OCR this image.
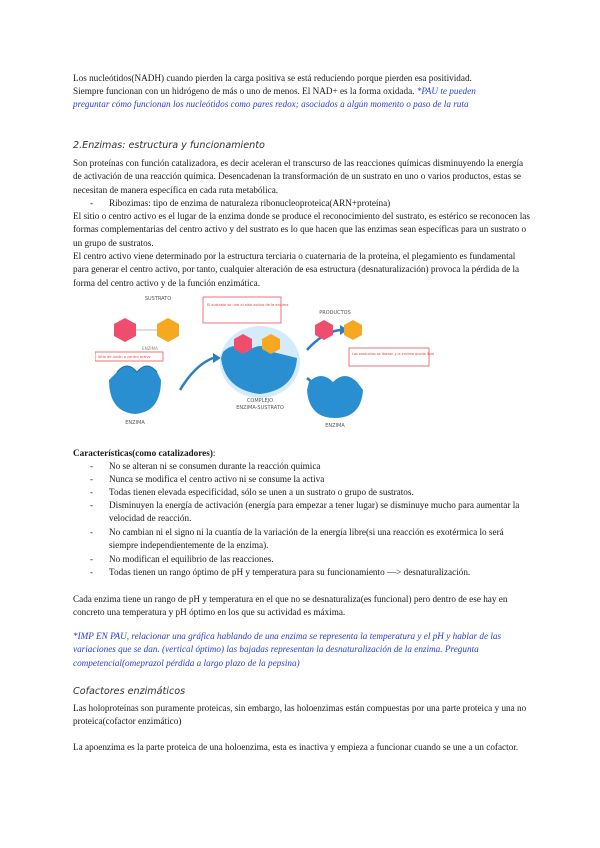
Los nucleótidos(NADH) cuando pierden la carga positiva se está reduciendo porque pierden esa positividad.

Siempre funcionan con un hidrógeno de más o uno de menos. El NAD+ es la forma oxidada. *PAU te pueden

preguntar cómo funcionan los nucleótidos como pares redox; asociados a algún momento o paso de la ruta

2.Enzimas: estructura y funcionamiento

Son proteínas con función catalizadora, es decir aceleran el transcurso de las reacciones químicas disminuyendo la energía de activación de una reacción química. Desencadenan la transformación de un sustrato en uno o varios productos, estas se necesitan de manera específica en cada ruta metabólica.

- Ribozimas: tipo de enzima de naturaleza ribonucleoproteica(ARN+proteína)

El sitio o centro activo es el lugar de la enzima donde se produce el reconocimiento del sustrato, es estérico se reconocen las formas complementarias del centro activo y del sustrato es lo que hacen que las enzimas sean específicas para un sustrato o un grupo de sustratos.

El centro activo viene determinado por la estructura terciaria o cuaternaria de la proteína, el plegamiento es fundamental para generar el centro activo, por tanto, cualquier alteración de esa estructura (desnaturalización) provoca la pérdida de la forma del centro activo y de la función enzimática.

SUSTRATO
ENZIMA
Sitio de unión o centro activo
ENZIMA
El sustrato se une al sitio activo de la enzima
COMPLEJO
ENZIMA-SUSTRATO
PRODUCTOS
Los productos se liberan y la enzima queda libre
ENZIMA

Características(como catalizadores):

- No se alteran ni se consumen durante la reacción química
- Nunca se modifica el centro activo ni se consume la activa
- Todas tienen elevada especificidad, sólo se unen a un sustrato o grupo de sustratos.
- Disminuyen la energía de activación (energía para empezar a tener lugar) se disminuye mucho para aumentar la velocidad de reacción.
- No cambian ni el signo ni la cuantía de la variación de la energía libre(si una reacción es exotérmica lo será siempre independientemente de la enzima).
- No modifican el equilibrio de las reacciones.
- Todas tienen un rango óptimo de pH y temperatura para su funcionamiento —> desnaturalización.

Cada enzima tiene un rango de pH y temperatura en el que no se desnaturaliza(es funcional) pero dentro de ese hay en concreto una temperatura y pH óptimo en los que su actividad es máxima.

*IMP EN PAU, relacionar una gráfica hablando de una enzima se representa la temperatura y el pH y hablar de las variaciones que se dan. (vertical óptimo) las bajadas representan la desnaturalización de la enzima. Pregunta competencial(omeprazol pérdida a largo plazo de la pepsina)

Cofactores enzimáticos

Las holoproteínas son puramente proteicas, sin embargo, las holoenzimas están compuestas por una parte proteica y una no proteica(cofactor enzimático)

La apoenzima es la parte proteica de una holoenzima, esta es inactiva y empieza a funcionar cuando se une a un cofactor.
